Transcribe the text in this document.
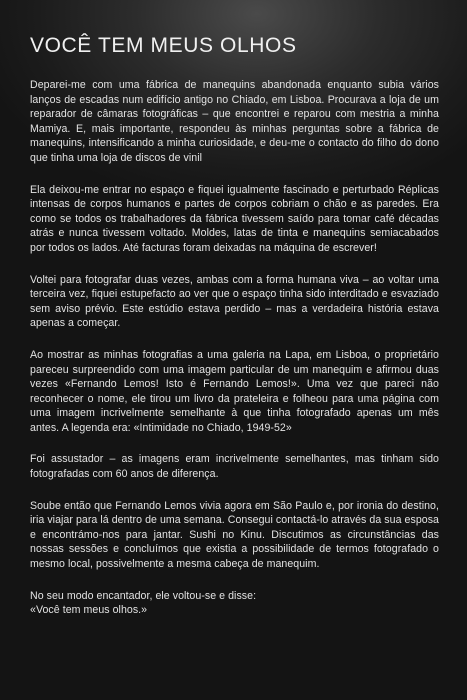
VOCÊ TEM MEUS OLHOS

Deparei-me com uma fábrica de manequins abandonada enquanto subia vários lanços de escadas num edifício antigo no Chiado, em Lisboa. Procurava a loja de um reparador de câmaras fotográficas – que encontrei e reparou com mestria a minha Mamiya. E, mais importante, respondeu às minhas perguntas sobre a fábrica de manequins, intensificando a minha curiosidade, e deu-me o contacto do filho do dono que tinha uma loja de discos de vinil

Ela deixou-me entrar no espaço e fiquei igualmente fascinado e perturbado Réplicas intensas de corpos humanos e partes de corpos cobriam o chão e as paredes. Era como se todos os trabalhadores da fábrica tivessem saído para tomar café décadas atrás e nunca tivessem voltado. Moldes, latas de tinta e manequins semiacabados por todos os lados. Até facturas foram deixadas na máquina de escrever!

Voltei para fotografar duas vezes, ambas com a forma humana viva – ao voltar uma terceira vez, fiquei estupefacto ao ver que o espaço tinha sido interditado e esvaziado sem aviso prévio. Este estúdio estava perdido – mas a verdadeira história estava apenas a começar.

Ao mostrar as minhas fotografias a uma galeria na Lapa, em Lisboa, o proprietário pareceu surpreendido com uma imagem particular de um manequim e afirmou duas vezes «Fernando Lemos! Isto é Fernando Lemos!». Uma vez que pareci não reconhecer o nome, ele tirou um livro da prateleira e folheou para uma página com uma imagem incrivelmente semelhante à que tinha fotografado apenas um mês antes. A legenda era: «Intimidade no Chiado, 1949-52»

Foi assustador – as imagens eram incrivelmente semelhantes, mas tinham sido fotografadas com 60 anos de diferença.

Soube então que Fernando Lemos vivia agora em São Paulo e, por ironia do destino, iria viajar para lá dentro de uma semana. Consegui contactá-lo através da sua esposa e encontrámo-nos para jantar. Sushi no Kinu. Discutimos as circunstâncias das nossas sessões e concluímos que existia a possibilidade de termos fotografado o mesmo local, possivelmente a mesma cabeça de manequim.

No seu modo encantador, ele voltou-se e disse:
«Você tem meus olhos.»
